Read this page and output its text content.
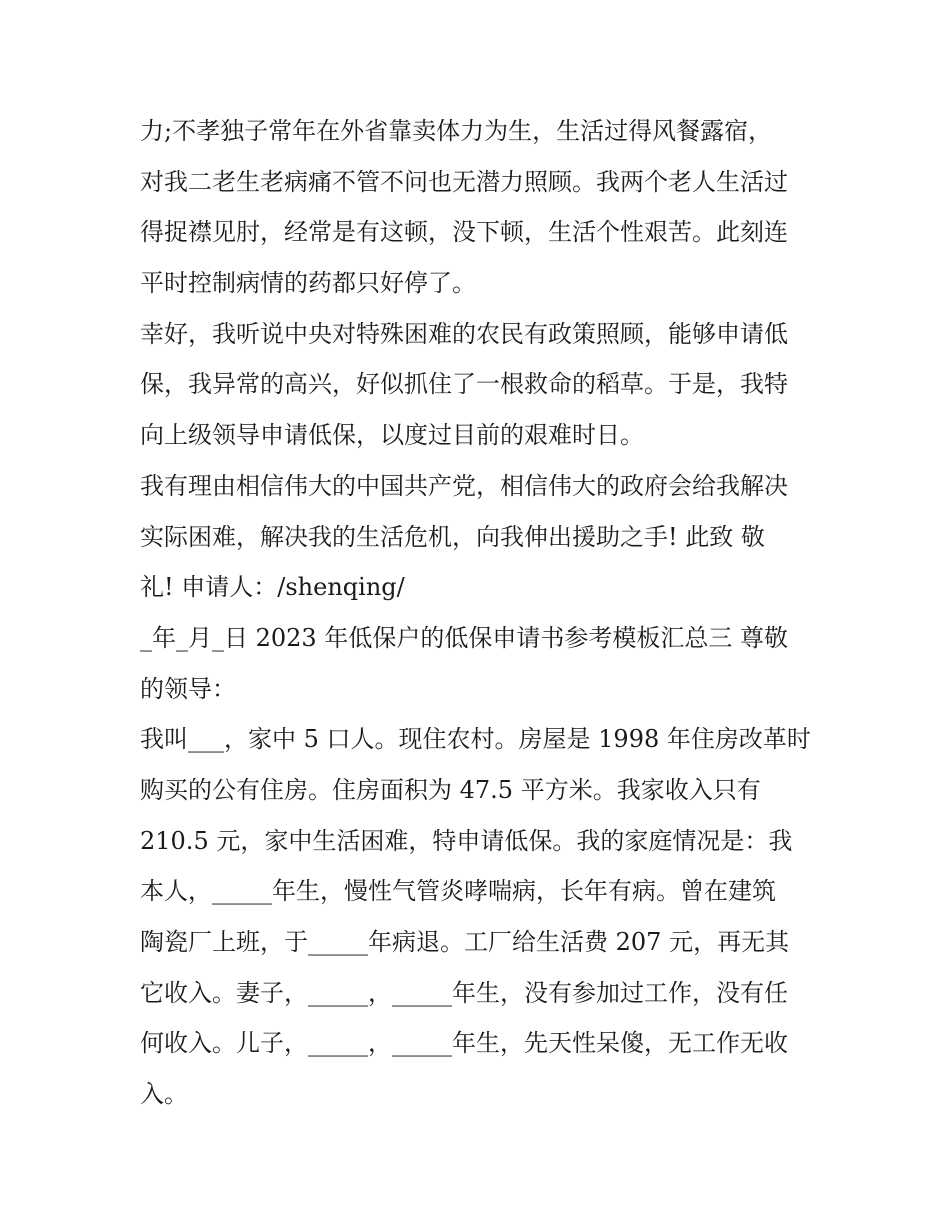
力;不孝独子常年在外省靠卖体力为生，生活过得风餐露宿，
对我二老生老病痛不管不问也无潜力照顾。我两个老人生活过
得捉襟见肘，经常是有这顿，没下顿，生活个性艰苦。此刻连
平时控制病情的药都只好停了。
幸好，我听说中央对特殊困难的农民有政策照顾，能够申请低
保，我异常的高兴，好似抓住了一根救命的稻草。于是，我特
向上级领导申请低保，以度过目前的艰难时日。
我有理由相信伟大的中国共产党，相信伟大的政府会给我解决
实际困难，解决我的生活危机，向我伸出援助之手! 此致 敬
礼! 申请人：/shenqing/
_年_月_日 2023 年低保户的低保申请书参考模板汇总三 尊敬
的领导：
我叫___，家中 5 口人。现住农村。房屋是 1998 年住房改革时
购买的公有住房。住房面积为 47.5 平方米。我家收入只有
210.5 元，家中生活困难，特申请低保。我的家庭情况是：我
本人，_____年生，慢性气管炎哮喘病，长年有病。曾在建筑
陶瓷厂上班，于_____年病退。工厂给生活费 207 元，再无其
它收入。妻子，_____，_____年生，没有参加过工作，没有任
何收入。儿子，_____，_____年生，先天性呆傻，无工作无收
入。
